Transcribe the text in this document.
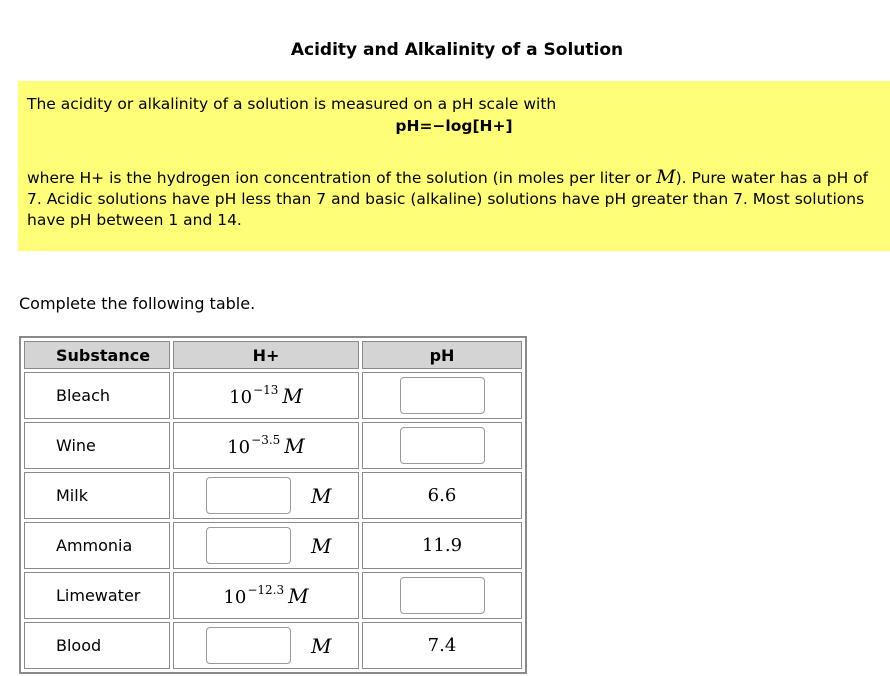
Acidity and Alkalinity of a Solution

The acidity or alkalinity of a solution is measured on a pH scale with

pH=−log[H+]

where H+ is the hydrogen ion concentration of the solution (in moles per liter or M). Pure water has a pH of 7. Acidic solutions have pH less than 7 and basic (alkaline) solutions have pH greater than 7. Most solutions have pH between 1 and 14.

Complete the following table.
Substance	H+	pH
Bleach	$10^{-13}$ M	
Wine	$10^{-3.5}$ M	
Milk	M	6.6
Ammonia	M	11.9
Limewater	$10^{-12.3}$ M	
Blood	M	7.4
